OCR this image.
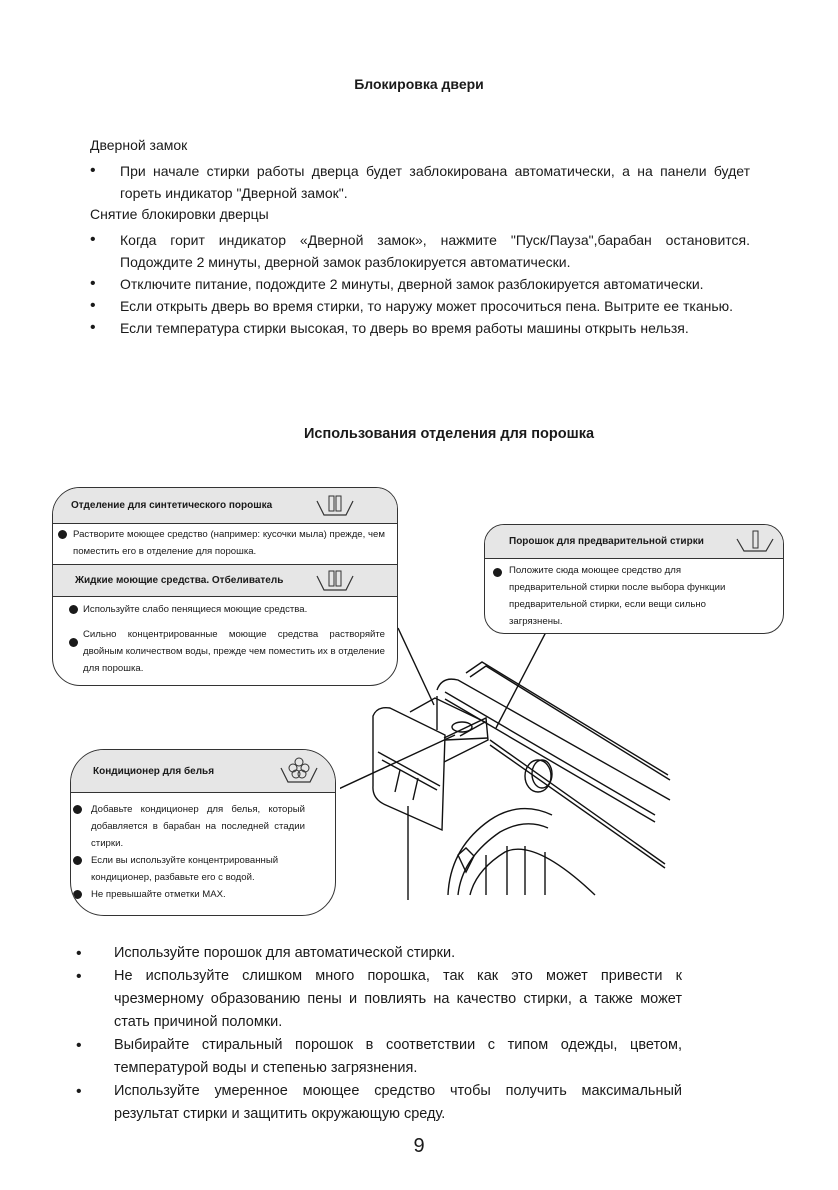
Блокировка двери
Дверной замок
• При начале стирки работы дверца будет заблокирована автоматически, а на панели будет гореть индикатор "Дверной замок".
Снятие блокировки дверцы
• Когда горит индикатор «Дверной замок», нажмите "Пуск/Пауза",барабан остановится. Подождите 2 минуты, дверной замок разблокируется автоматически.
• Отключите питание, подождите 2 минуты, дверной замок разблокируется автоматически.
• Если открыть дверь во время стирки, то наружу может просочиться пена. Вытрите ее тканью.
• Если температура стирки высокая, то дверь во время работы машины открыть нельзя.
Использования отделения для порошка
Отделение для синтетического порошка
Растворите моющее средство (например: кусочки мыла) прежде, чем поместить его в отделение для порошка.
Жидкие моющие средства. Отбеливатель
Используйте слабо пенящиеся моющие средства.
Сильно концентрированные моющие средства растворяйте двойным количеством воды, прежде чем поместить их в отделение для порошка.
Порошок для предварительной стирки
Положите сюда моющее средство для предварительной стирки после выбора функции предварительной стирки, если вещи сильно загрязнены.
Кондиционер для белья
Добавьте кондиционер для белья, который добавляется в барабан на последней стадии стирки.
Если вы используйте концентрированный кондиционер, разбавьте его с водой.
Не превышайте отметки MAX.
• Используйте порошок для автоматической стирки.
• Не используйте слишком много порошка, так как это может привести к чрезмерному образованию пены и повлиять на качество стирки, а также может стать причиной поломки.
• Выбирайте стиральный порошок в соответствии с типом одежды, цветом, температурой воды и степенью загрязнения.
• Используйте умеренное моющее средство чтобы получить максимальный результат стирки и защитить окружающую среду.
9
